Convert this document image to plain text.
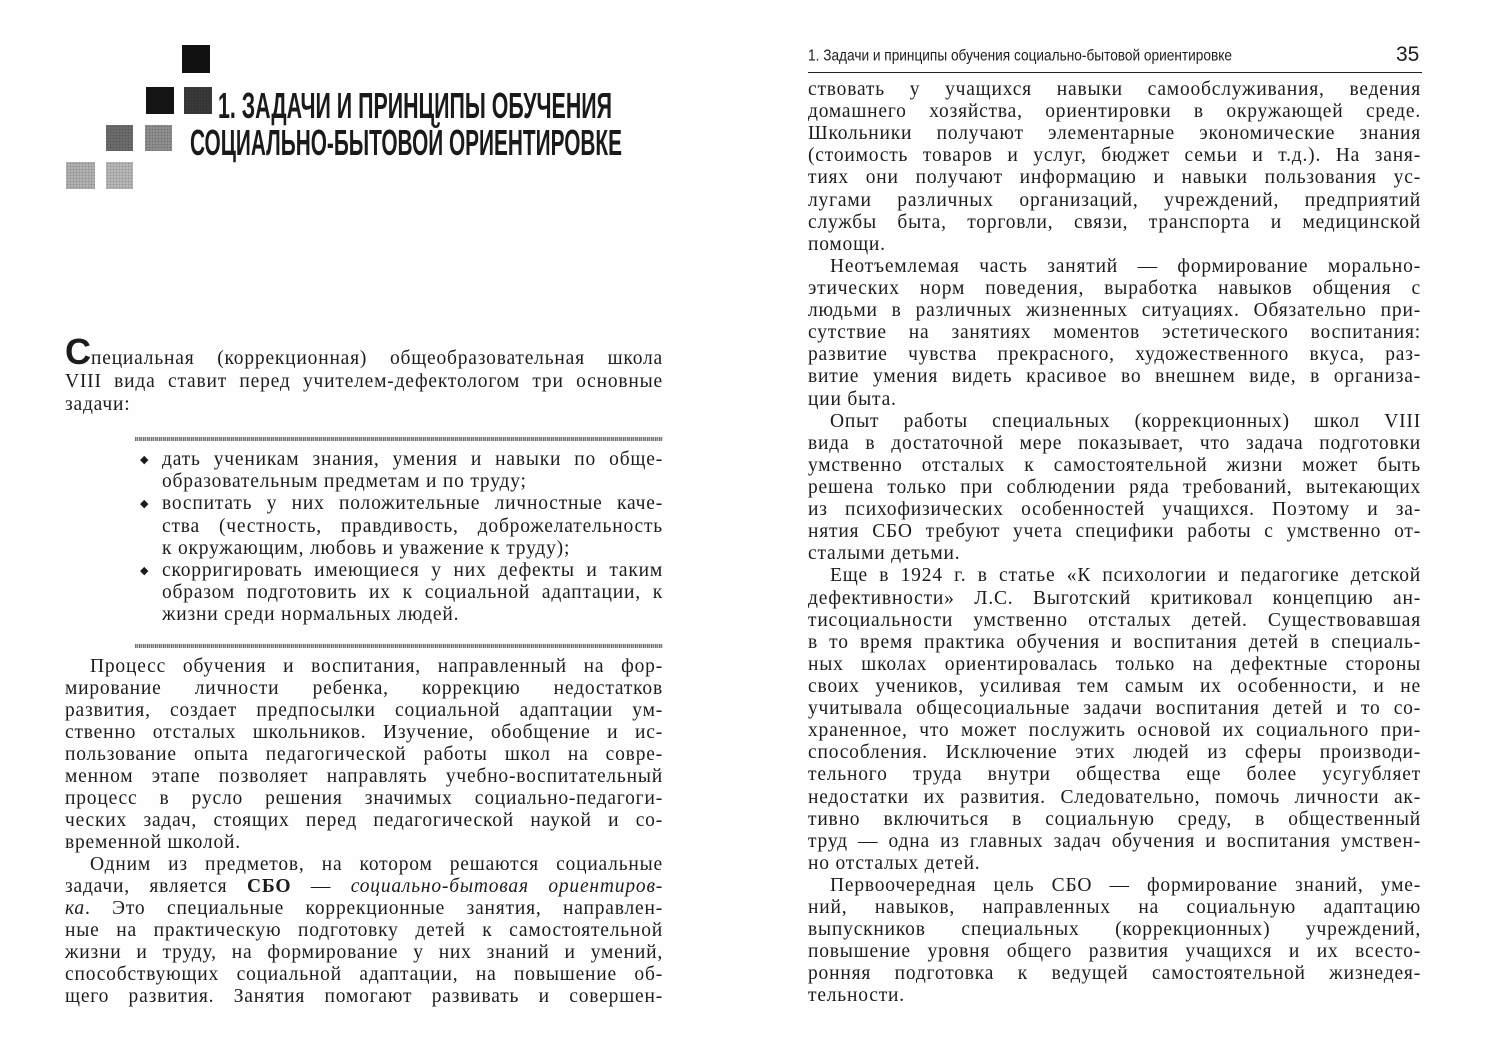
1. ЗАДАЧИ И ПРИНЦИПЫ ОБУЧЕНИЯ
СОЦИАЛЬНО-БЫТОВОЙ ОРИЕНТИРОВКЕ
Специальная (коррекционная) общеобразовательная школа
VIII вида ставит перед учителем-дефектологом три основные
задачи:
◆ дать ученикам знания, умения и навыки по обще-
образовательным предметам и по труду;
◆ воспитать у них положительные личностные каче-
ства (честность, правдивость, доброжелательность
к окружающим, любовь и уважение к труду);
◆ скорригировать имеющиеся у них дефекты и таким
образом подготовить их к социальной адаптации, к
жизни среди нормальных людей.
Процесс обучения и воспитания, направленный на фор-
мирование личности ребенка, коррекцию недостатков
развития, создает предпосылки социальной адаптации ум-
ственно отсталых школьников. Изучение, обобщение и ис-
пользование опыта педагогической работы школ на совре-
менном этапе позволяет направлять учебно-воспитательный
процесс в русло решения значимых социально-педагоги-
ческих задач, стоящих перед педагогической наукой и со-
временной школой.
Одним из предметов, на котором решаются социальные
задачи, является СБО — социально-бытовая ориентиров-
ка. Это специальные коррекционные занятия, направлен-
ные на практическую подготовку детей к самостоятельной
жизни и труду, на формирование у них знаний и умений,
способствующих социальной адаптации, на повышение об-
щего развития. Занятия помогают развивать и совершен-
1. Задачи и принципы обучения социально-бытовой ориентировке	35
ствовать у учащихся навыки самообслуживания, ведения
домашнего хозяйства, ориентировки в окружающей среде.
Школьники получают элементарные экономические знания
(стоимость товаров и услуг, бюджет семьи и т.д.). На заня-
тиях они получают информацию и навыки пользования ус-
лугами различных организаций, учреждений, предприятий
службы быта, торговли, связи, транспорта и медицинской
помощи.
Неотъемлемая часть занятий — формирование морально-
этических норм поведения, выработка навыков общения с
людьми в различных жизненных ситуациях. Обязательно при-
сутствие на занятиях моментов эстетического воспитания:
развитие чувства прекрасного, художественного вкуса, раз-
витие умения видеть красивое во внешнем виде, в организа-
ции быта.
Опыт работы специальных (коррекционных) школ VIII
вида в достаточной мере показывает, что задача подготовки
умственно отсталых к самостоятельной жизни может быть
решена только при соблюдении ряда требований, вытекающих
из психофизических особенностей учащихся. Поэтому и за-
нятия СБО требуют учета специфики работы с умственно от-
сталыми детьми.
Еще в 1924 г. в статье «К психологии и педагогике детской
дефективности» Л.С. Выготский критиковал концепцию ан-
тисоциальности умственно отсталых детей. Существовавшая
в то время практика обучения и воспитания детей в специаль-
ных школах ориентировалась только на дефектные стороны
своих учеников, усиливая тем самым их особенности, и не
учитывала общесоциальные задачи воспитания детей и то со-
храненное, что может послужить основой их социального при-
способления. Исключение этих людей из сферы производи-
тельного труда внутри общества еще более усугубляет
недостатки их развития. Следовательно, помочь личности ак-
тивно включиться в социальную среду, в общественный
труд — одна из главных задач обучения и воспитания умствен-
но отсталых детей.
Первоочередная цель СБО — формирование знаний, уме-
ний, навыков, направленных на социальную адаптацию
выпускников специальных (коррекционных) учреждений,
повышение уровня общего развития учащихся и их всесто-
ронняя подготовка к ведущей самостоятельной жизнедея-
тельности.
